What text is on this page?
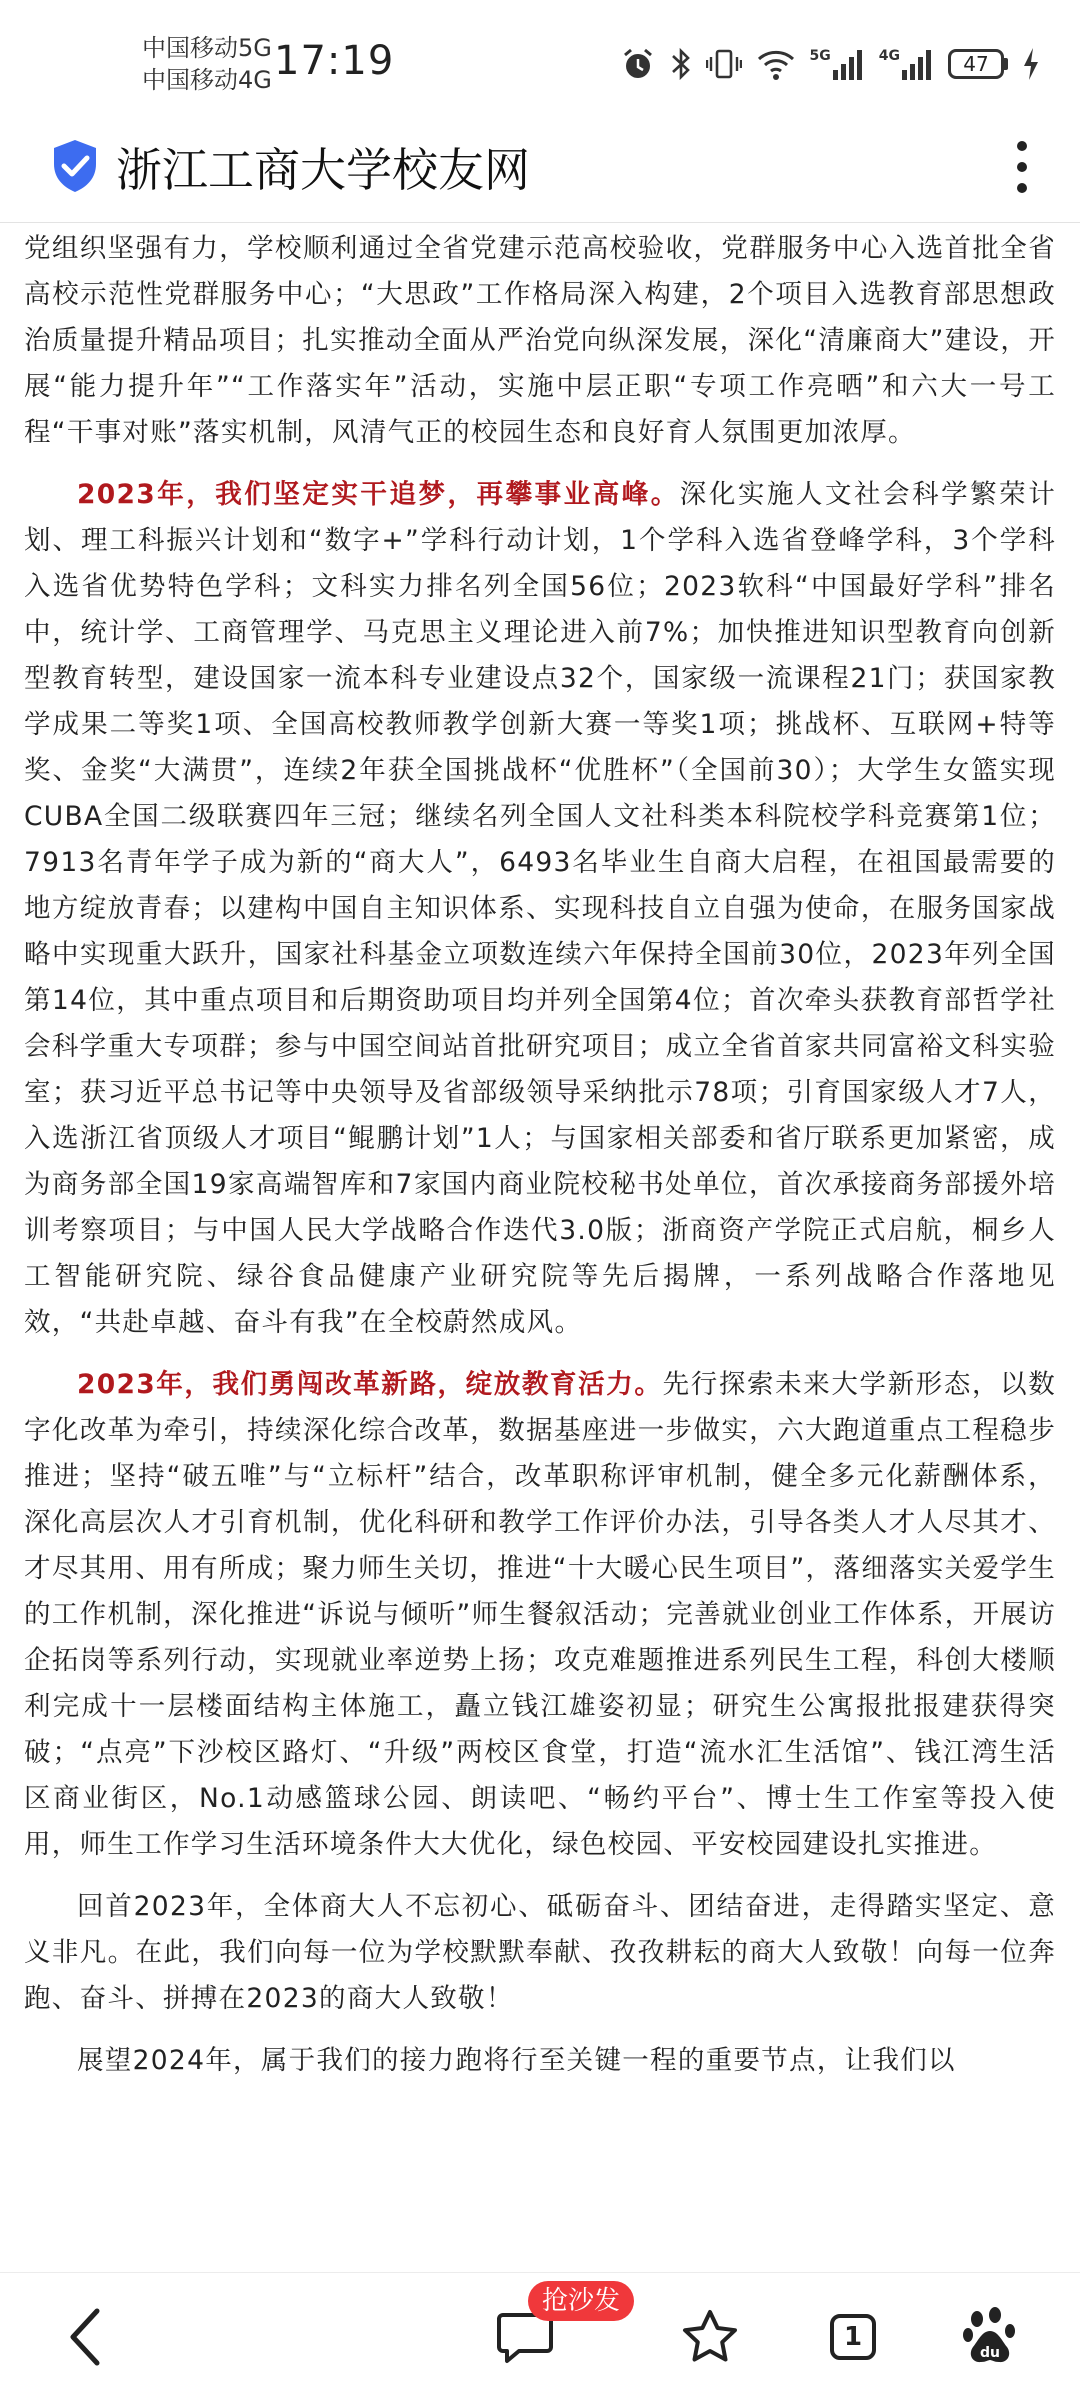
中国移动5G
中国移动4G 17:19	5G	4G	47
浙江工商大学校友网

党组织坚强有力，学校顺利通过全省党建示范高校验收，党群服务中心入选首批全省高校示范性党群服务中心；“大思政”工作格局深入构建，2个项目入选教育部思想政治质量提升精品项目；扎实推动全面从严治党向纵深发展，深化“清廉商大”建设，开展“能力提升年”“工作落实年”活动，实施中层正职“专项工作亮晒”和六大一号工程“干事对账”落实机制，风清气正的校园生态和良好育人氛围更加浓厚。

2023年，我们坚定实干追梦，再攀事业高峰。深化实施人文社会科学繁荣计划、理工科振兴计划和“数字+”学科行动计划，1个学科入选省登峰学科，3个学科入选省优势特色学科；文科实力排名列全国56位；2023软科“中国最好学科”排名中，统计学、工商管理学、马克思主义理论进入前7%；加快推进知识型教育向创新型教育转型，建设国家一流本科专业建设点32个，国家级一流课程21门；获国家教学成果二等奖1项、全国高校教师教学创新大赛一等奖1项；挑战杯、互联网+特等奖、金奖“大满贯”，连续2年获全国挑战杯“优胜杯”（全国前30）；大学生女篮实现CUBA全国二级联赛四年三冠；继续名列全国人文社科类本科院校学科竞赛第1位；7913名青年学子成为新的“商大人”，6493名毕业生自商大启程，在祖国最需要的地方绽放青春；以建构中国自主知识体系、实现科技自立自强为使命，在服务国家战略中实现重大跃升，国家社科基金立项数连续六年保持全国前30位，2023年列全国第14位，其中重点项目和后期资助项目均并列全国第4位；首次牵头获教育部哲学社会科学重大专项群；参与中国空间站首批研究项目；成立全省首家共同富裕文科实验室；获习近平总书记等中央领导及省部级领导采纳批示78项；引育国家级人才7人，入选浙江省顶级人才项目“鲲鹏计划”1人；与国家相关部委和省厅联系更加紧密，成为商务部全国19家高端智库和7家国内商业院校秘书处单位，首次承接商务部援外培训考察项目；与中国人民大学战略合作迭代3.0版；浙商资产学院正式启航，桐乡人工智能研究院、绿谷食品健康产业研究院等先后揭牌，一系列战略合作落地见效，“共赴卓越、奋斗有我”在全校蔚然成风。

2023年，我们勇闯改革新路，绽放教育活力。先行探索未来大学新形态，以数字化改革为牵引，持续深化综合改革，数据基座进一步做实，六大跑道重点工程稳步推进；坚持“破五唯”与“立标杆”结合，改革职称评审机制，健全多元化薪酬体系，深化高层次人才引育机制，优化科研和教学工作评价办法，引导各类人才人尽其才、才尽其用、用有所成；聚力师生关切，推进“十大暖心民生项目”，落细落实关爱学生的工作机制，深化推进“诉说与倾听”师生餐叙活动；完善就业创业工作体系，开展访企拓岗等系列行动，实现就业率逆势上扬；攻克难题推进系列民生工程，科创大楼顺利完成十一层楼面结构主体施工，矗立钱江雄姿初显；研究生公寓报批报建获得突破；“点亮”下沙校区路灯、“升级”两校区食堂，打造“流水汇生活馆”、钱江湾生活区商业街区，No.1动感篮球公园、朗读吧、“畅约平台”、博士生工作室等投入使用，师生工作学习生活环境条件大大优化，绿色校园、平安校园建设扎实推进。

回首2023年，全体商大人不忘初心、砥砺奋斗、团结奋进，走得踏实坚定、意义非凡。在此，我们向每一位为学校默默奉献、孜孜耕耘的商大人致敬！向每一位奔跑、奋斗、拼搏在2023的商大人致敬！

展望2024年，属于我们的接力跑将行至关键一程的重要节点，让我们以

抢沙发
1
du
